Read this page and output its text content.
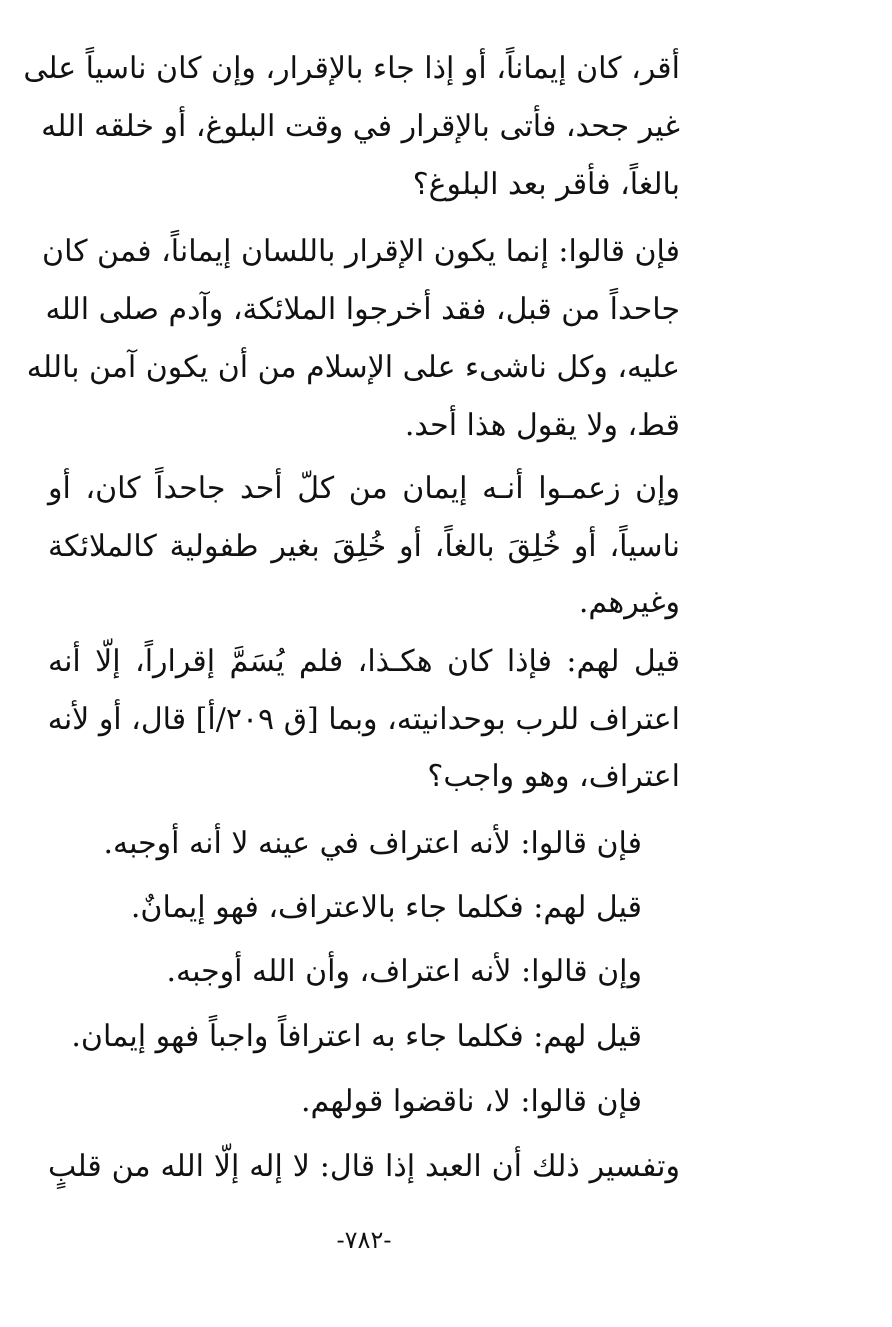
أقر، كان إيماناً، أو إذا جاء بالإقرار، وإن كان ناسياً على
غير جحد، فأتى بالإقرار في وقت البلوغ، أو خلقه الله
بالغاً، فأقر بعد البلوغ؟
فإن قالوا: إنما يكون الإقرار باللسان إيماناً، فمن كان
جاحداً من قبل، فقد أخرجوا الملائكة، وآدم صلى الله
عليه، وكل ناشىء على الإسلام من أن يكون آمن بالله
قط، ولا يقول هذا أحد.
وإن زعمـوا أنـه إيمان من كلّ أحد جاحداً كان، أو
ناسياً، أو خُلِقَ بالغاً، أو خُلِقَ بغير طفولية كالملائكة
وغيرهم.
قيل لهم: فإذا كان هكـذا، فلم يُسَمَّ إقراراً، إلّا أنه
اعتراف للرب بوحدانيته، وبما [ق ٢٠٩/أ] قال، أو لأنه
اعتراف، وهو واجب؟
فإن قالوا: لأنه اعتراف في عينه لا أنه أوجبه.
قيل لهم: فكلما جاء بالاعتراف، فهو إيمانٌ.
وإن قالوا: لأنه اعتراف، وأن الله أوجبه.
قيل لهم: فكلما جاء به اعترافاً واجباً فهو إيمان.
فإن قالوا: لا، ناقضوا قولهم.
وتفسير ذلك أن العبد إذا قال: لا إله إلّا الله من قلبٍ
-٧٨٢-
